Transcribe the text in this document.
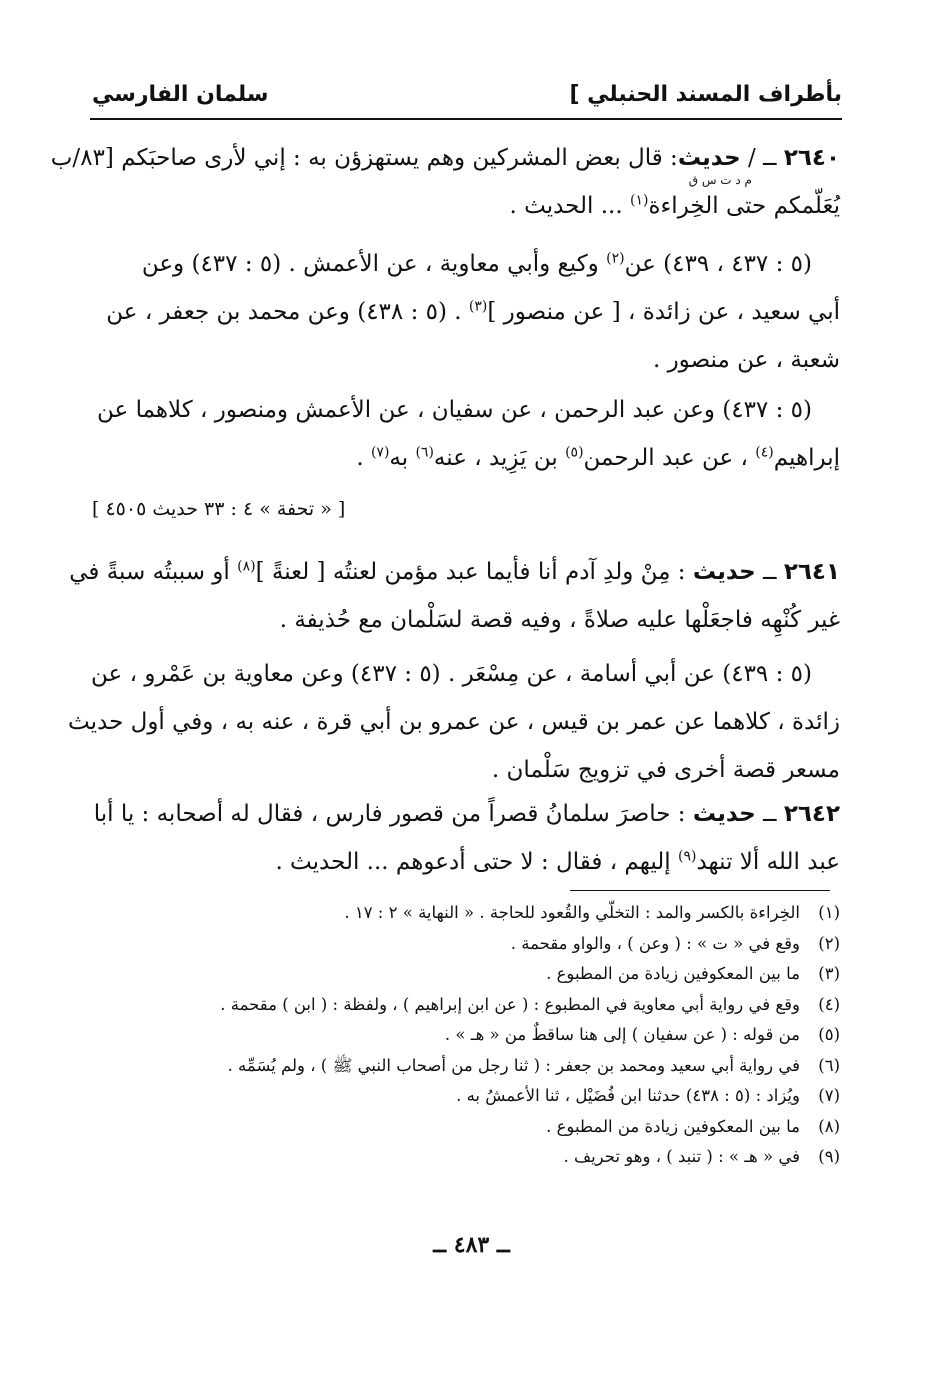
بأطراف المسند الحنبلي ]
سلمان الفارسي
٢٦٤٠ ــ / حديث: قال بعض المشركين وهم يستهزؤن به : إني لأرى صاحبَكم [٨٣/ب
م د ت س ق
يُعَلّمكم حتى الخِراءة$^{(١)}$ ... الحديث .
(٥ : ٤٣٧ ، ٤٣٩) عن$^{(٢)}$ وكيع وأبي معاوية ، عن الأعمش . (٥ : ٤٣٧) وعن
أبي سعيد ، عن زائدة ، [ عن منصور ]$^{(٣)}$ . (٥ : ٤٣٨) وعن محمد بن جعفر ، عن
شعبة ، عن منصور .
(٥ : ٤٣٧) وعن عبد الرحمن ، عن سفيان ، عن الأعمش ومنصور ، كلاهما عن
إبراهيم$^{(٤)}$ ، عن عبد الرحمن$^{(٥)}$ بن يَزِيد ، عنه$^{(٦)}$ به$^{(٧)}$ .
[ « تحفة » ٤ : ٣٣ حديث ٤٥٠٥ ]
٢٦٤١ ــ حديث : مِنْ ولدِ آدم أنا فأيما عبد مؤمن لعنتُه [ لعنةً ]$^{(٨)}$ أو سببتُه سبةً في
غير كُنْهِه فاجعَلْها عليه صلاةً ، وفيه قصة لسَلْمان مع حُذيفة .
(٥ : ٤٣٩) عن أبي أسامة ، عن مِسْعَر . (٥ : ٤٣٧) وعن معاوية بن عَمْرو ، عن
زائدة ، كلاهما عن عمر بن قيس ، عن عمرو بن أبي قرة ، عنه به ، وفي أول حديث
مسعر قصة أخرى في تزويج سَلْمان .
٢٦٤٢ ــ حديث : حاصرَ سلمانُ قصراً من قصور فارس ، فقال له أصحابه : يا أبا
عبد الله ألا تنهد$^{(٩)}$ إليهم ، فقال : لا حتى أدعوهم ... الحديث .
(١)الخِراءة بالكسر والمد : التخلّي والقُعود للحاجة . « النهاية » ٢ : ١٧ .
(٢)وقع في « ت » : ( وعن ) ، والواو مقحمة .
(٣)ما بين المعكوفين زيادة من المطبوع .
(٤)وقع في رواية أبي معاوية في المطبوع : ( عن ابن إبراهيم ) ، ولفظة : ( ابن ) مقحمة .
(٥)من قوله : ( عن سفيان ) إلى هنا ساقطٌ من « هـ » .
(٦)في رواية أبي سعيد ومحمد بن جعفر : ( ثنا رجل من أصحاب النبي ﷺ ) ، ولم يُسَمِّه .
(٧)ويُزاد : (٥ : ٤٣٨) حدثنا ابن فُضَيْل ، ثنا الأعمشُ به .
(٨)ما بين المعكوفين زيادة من المطبوع .
(٩)في « هـ » : ( تنبد ) ، وهو تحريف .
ــ ٤٨٣ ــ
